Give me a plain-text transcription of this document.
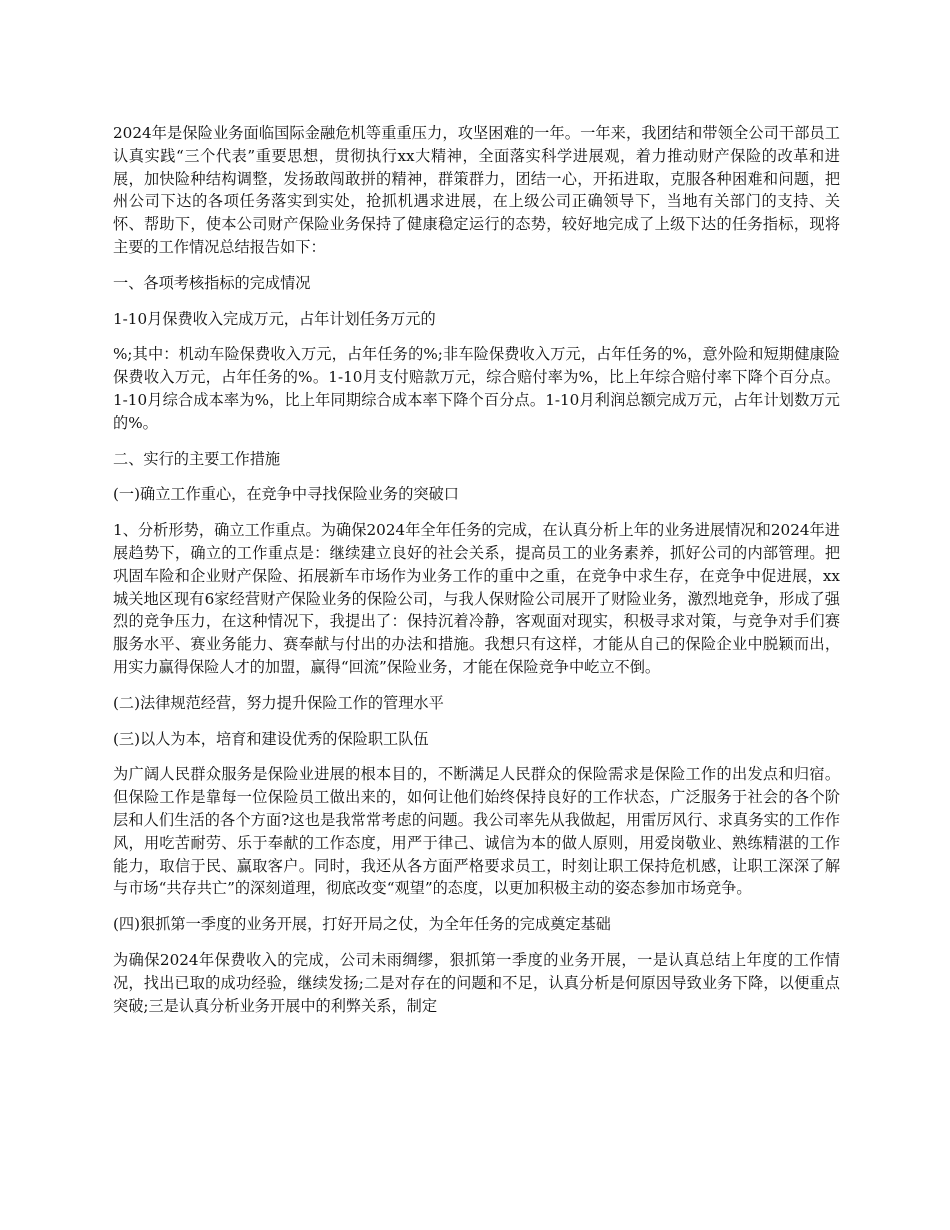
2024年是保险业务面临国际金融危机等重重压力，攻坚困难的一年。一年来，我团结和带领全公司干部员工认真实践“三个代表”重要思想，贯彻执行xx大精神，全面落实科学进展观，着力推动财产保险的改革和进展，加快险种结构调整，发扬敢闯敢拼的精神，群策群力，团结一心，开拓进取，克服各种困难和问题，把州公司下达的各项任务落实到实处，抢抓机遇求进展，在上级公司正确领导下，当地有关部门的支持、关怀、帮助下，使本公司财产保险业务保持了健康稳定运行的态势，较好地完成了上级下达的任务指标，现将主要的工作情况总结报告如下：

一、各项考核指标的完成情况

1-10月保费收入完成万元，占年计划任务万元的

%;其中：机动车险保费收入万元，占年任务的%;非车险保费收入万元，占年任务的%，意外险和短期健康险保费收入万元，占年任务的%。1-10月支付赔款万元，综合赔付率为%，比上年综合赔付率下降个百分点。1-10月综合成本率为%，比上年同期综合成本率下降个百分点。1-10月利润总额完成万元，占年计划数万元的%。

二、实行的主要工作措施

(一)确立工作重心，在竞争中寻找保险业务的突破口

1、分析形势，确立工作重点。为确保2024年全年任务的完成，在认真分析上年的业务进展情况和2024年进展趋势下，确立的工作重点是：继续建立良好的社会关系，提高员工的业务素养，抓好公司的内部管理。把巩固车险和企业财产保险、拓展新车市场作为业务工作的重中之重，在竞争中求生存，在竞争中促进展，xx城关地区现有6家经营财产保险业务的保险公司，与我人保财险公司展开了财险业务，激烈地竞争，形成了强烈的竞争压力，在这种情况下，我提出了：保持沉着冷静，客观面对现实，积极寻求对策，与竞争对手们赛服务水平、赛业务能力、赛奉献与付出的办法和措施。我想只有这样，才能从自己的保险企业中脱颖而出，用实力赢得保险人才的加盟，赢得“回流”保险业务，才能在保险竞争中屹立不倒。

(二)法律规范经营，努力提升保险工作的管理水平

(三)以人为本，培育和建设优秀的保险职工队伍

为广阔人民群众服务是保险业进展的根本目的，不断满足人民群众的保险需求是保险工作的出发点和归宿。但保险工作是靠每一位保险员工做出来的，如何让他们始终保持良好的工作状态，广泛服务于社会的各个阶层和人们生活的各个方面?这也是我常常考虑的问题。我公司率先从我做起，用雷厉风行、求真务实的工作作风，用吃苦耐劳、乐于奉献的工作态度，用严于律己、诚信为本的做人原则，用爱岗敬业、熟练精湛的工作能力，取信于民、赢取客户。同时，我还从各方面严格要求员工，时刻让职工保持危机感，让职工深深了解与市场“共存共亡”的深刻道理，彻底改变“观望”的态度，以更加积极主动的姿态参加市场竞争。

(四)狠抓第一季度的业务开展，打好开局之仗，为全年任务的完成奠定基础

为确保2024年保费收入的完成，公司未雨绸缪，狠抓第一季度的业务开展，一是认真总结上年度的工作情况，找出已取的成功经验，继续发扬;二是对存在的问题和不足，认真分析是何原因导致业务下降，以便重点突破;三是认真分析业务开展中的利弊关系，制定
